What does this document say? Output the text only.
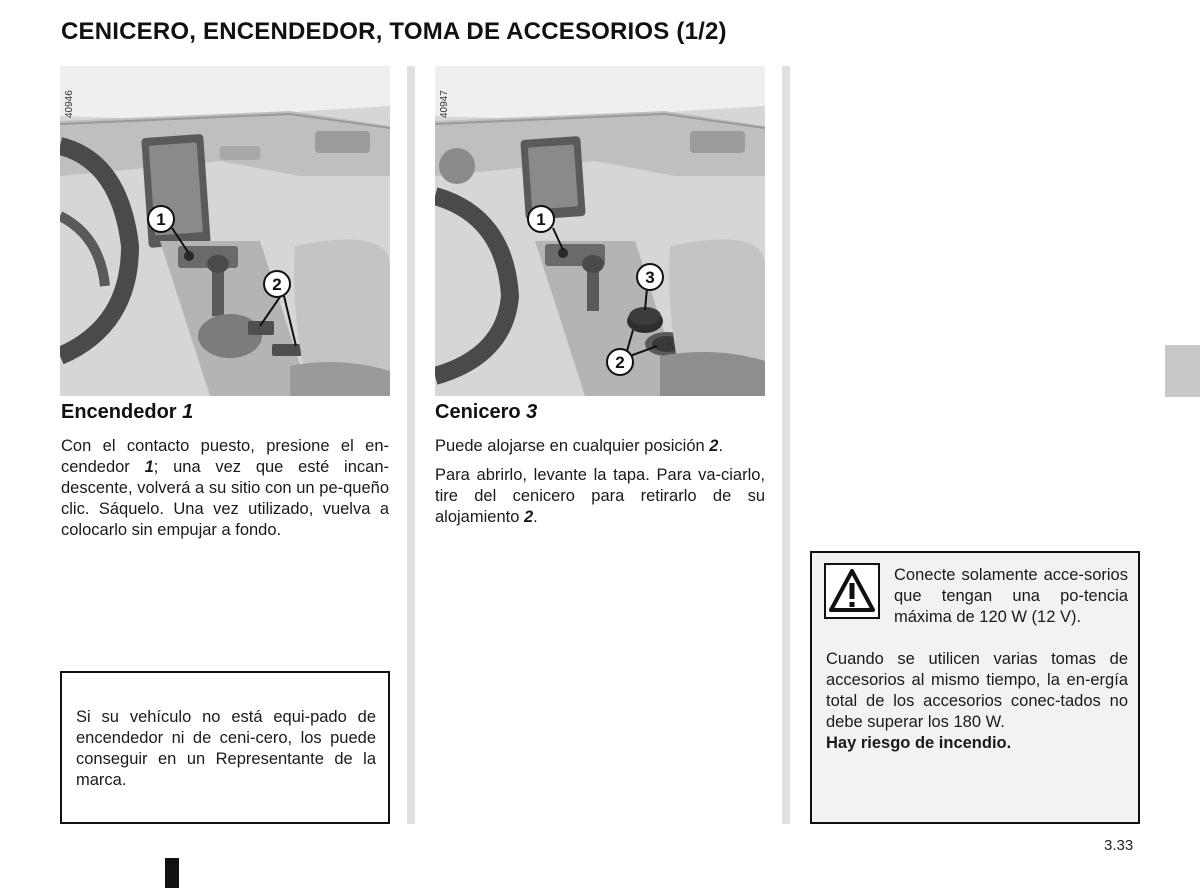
CENICERO, ENCENDEDOR, TOMA DE ACCESORIOS (1/2)
1
2
40946
1
3
2
40947
Encendedor 1

Con el contacto puesto, presione el en-cendedor 1; una vez que esté incan-descente, volverá a su sitio con un pe-queño clic. Sáquelo. Una vez utilizado, vuelva a colocarlo sin empujar a fondo.

Si su vehículo no está equi-pado de encendedor ni de ceni-cero, los puede conseguir en un Representante de la marca.
Cenicero 3

Puede alojarse en cualquier posición 2.

Para abrirlo, levante la tapa. Para va-ciarlo, tire del cenicero para retirarlo de su alojamiento 2.

Conecte solamente acce-sorios que tengan una po-tencia máxima de 120 W (12 V).
Cuando se utilicen varias tomas de accesorios al mismo tiempo, la en-ergía total de los accesorios conec-tados no debe superar los 180 W.
Hay riesgo de incendio.
3.33
